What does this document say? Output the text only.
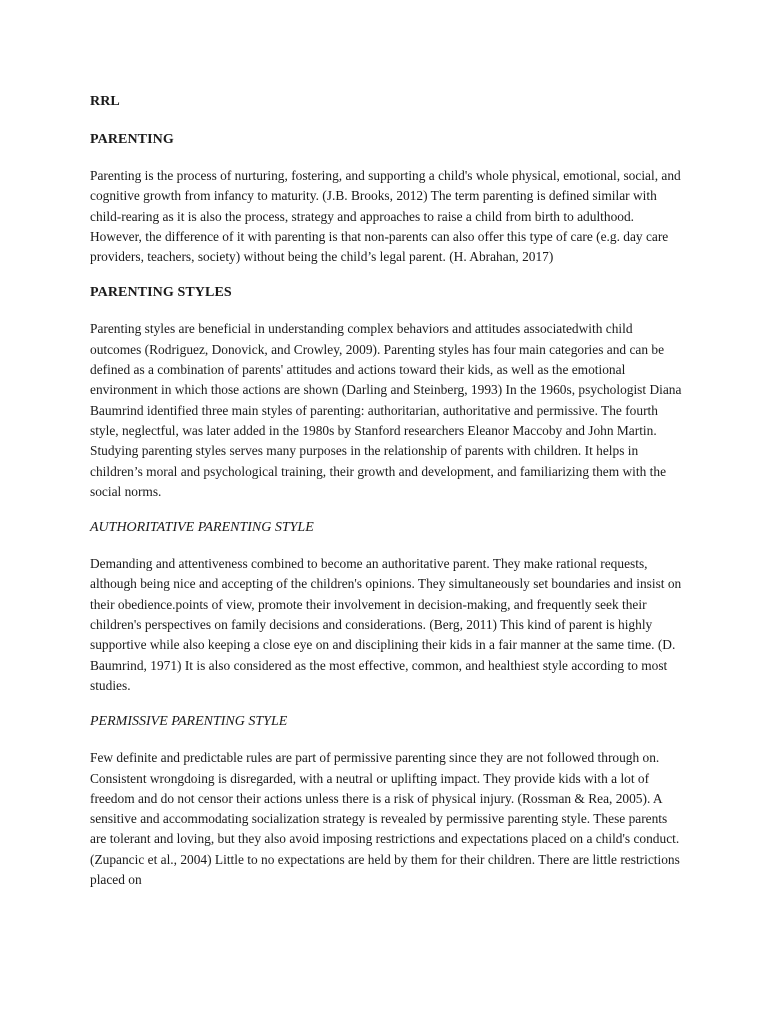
RRL

PARENTING

Parenting is the process of nurturing, fostering, and supporting a child's whole physical, emotional, social, and cognitive growth from infancy to maturity. (J.B. Brooks, 2012) The term parenting is defined similar with child-rearing as it is also the process, strategy and approaches to raise a child from birth to adulthood. However, the difference of it with parenting is that non-parents can also offer this type of care (e.g. day care providers, teachers, society) without being the child’s legal parent. (H. Abrahan, 2017)

PARENTING STYLES

Parenting styles are beneficial in understanding complex behaviors and attitudes associatedwith child outcomes (Rodriguez, Donovick, and Crowley, 2009). Parenting styles has four main categories and can be defined as a combination of parents' attitudes and actions toward their kids, as well as the emotional environment in which those actions are shown (Darling and Steinberg, 1993) In the 1960s, psychologist Diana Baumrind identified three main styles of parenting: authoritarian, authoritative and permissive. The fourth style, neglectful, was later added in the 1980s by Stanford researchers Eleanor Maccoby and John Martin. Studying parenting styles serves many purposes in the relationship of parents with children. It helps in children’s moral and psychological training, their growth and development, and familiarizing them with the social norms.

AUTHORITATIVE PARENTING STYLE

Demanding and attentiveness combined to become an authoritative parent. They make rational requests, although being nice and accepting of the children's opinions. They simultaneously set boundaries and insist on their obedience.points of view, promote their involvement in decision-making, and frequently seek their children's perspectives on family decisions and considerations. (Berg, 2011) This kind of parent is highly supportive while also keeping a close eye on and disciplining their kids in a fair manner at the same time. (D. Baumrind, 1971) It is also considered as the most effective, common, and healthiest style according to most studies.

PERMISSIVE PARENTING STYLE

Few definite and predictable rules are part of permissive parenting since they are not followed through on. Consistent wrongdoing is disregarded, with a neutral or uplifting impact. They provide kids with a lot of freedom and do not censor their actions unless there is a risk of physical injury. (Rossman & Rea, 2005). A sensitive and accommodating socialization strategy is revealed by permissive parenting style. These parents are tolerant and loving, but they also avoid imposing restrictions and expectations placed on a child's conduct. (Zupancic et al., 2004) Little to no expectations are held by them for their children. There are little restrictions placed on
